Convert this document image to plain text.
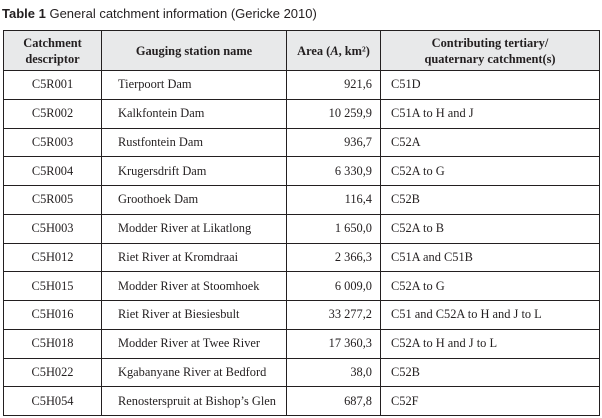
Table 1 General catchment information (Gericke 2010)
Catchment
descriptor	Gauging station name	Area (A, km²)	Contributing tertiary/
quaternary catchment(s)
C5R001	Tierpoort Dam	921,6	C51D
C5R002	Kalkfontein Dam	10 259,9	C51A to H and J
C5R003	Rustfontein Dam	936,7	C52A
C5R004	Krugersdrift Dam	6 330,9	C52A to G
C5R005	Groothoek Dam	116,4	C52B
C5H003	Modder River at Likatlong	1 650,0	C52A to B
C5H012	Riet River at Kromdraai	2 366,3	C51A and C51B
C5H015	Modder River at Stoomhoek	6 009,0	C52A to G
C5H016	Riet River at Biesiesbult	33 277,2	C51 and C52A to H and J to L
C5H018	Modder River at Twee River	17 360,3	C52A to H and J to L
C5H022	Kgabanyane River at Bedford	38,0	C52B
C5H054	Renosterspruit at Bishop’s Glen	687,8	C52F
